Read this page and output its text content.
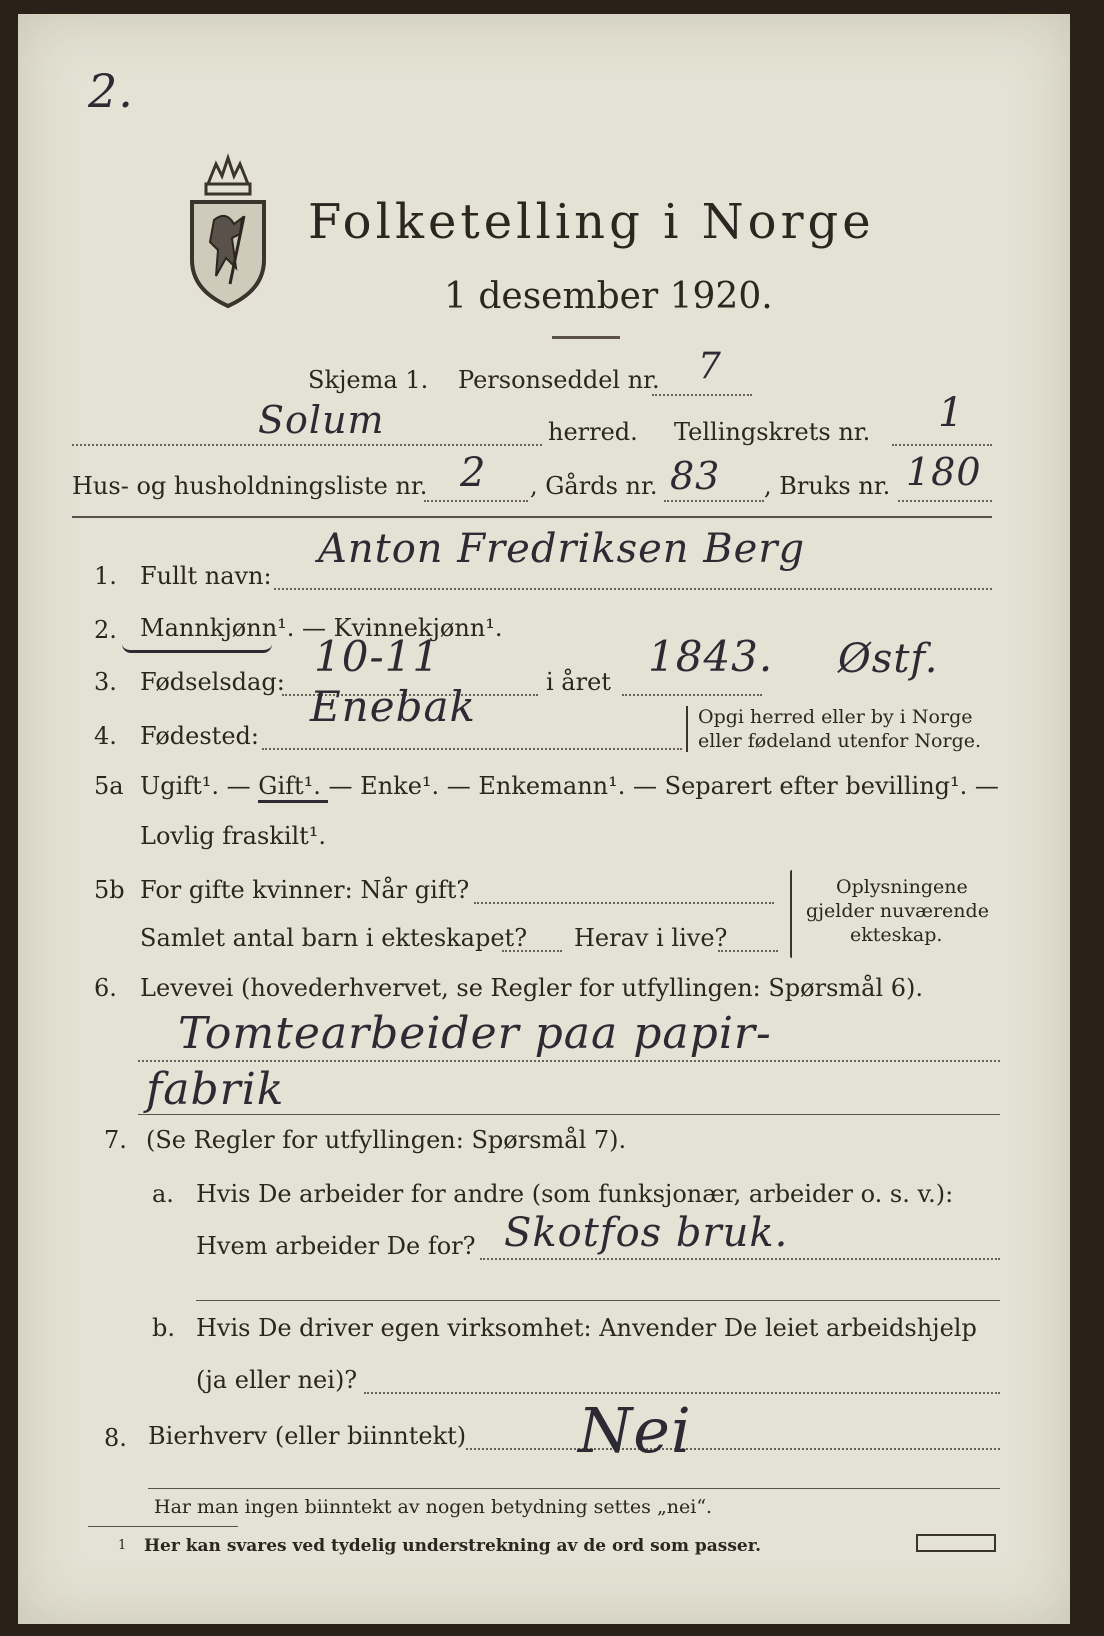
2.
Folketelling i Norge
1 desember 1920.
Skjema 1. Personseddel nr. 7
Solum	herred. Tellingskrets nr. 1
Hus- og husholdningsliste nr. 2 , Gårds nr. 83 , Bruks nr. 180
1. Fullt navn:
Anton Fredriksen Berg
2. Mannkjønn¹. — Kvinnekjønn¹.
3. Fødselsdag:
10-11
i året
1843. Østf.
4. Fødested:
Enebak	Opgi herred eller by i Norge
eller fødeland utenfor Norge.
5a Ugift¹. — Gift¹. — Enke¹. — Enkemann¹. — Separert efter bevilling¹. —
Lovlig fraskilt¹.
5b For gifte kvinner: Når gift?
Samlet antal barn i ekteskapet? Herav i live?
Oplysningene
gjelder nuværende
ekteskap.
6. Levevei (hovederhvervet, se Regler for utfyllingen: Spørsmål 6).
Tomtearbeider paa papir-
fabrik
7. (Se Regler for utfyllingen: Spørsmål 7).
a. Hvis De arbeider for andre (som funksjonær, arbeider o. s. v.):
Hvem arbeider De for? Skotfos bruk.
b. Hvis De driver egen virksomhet: Anvender De leiet arbeidshjelp
(ja eller nei)?
8. Bierhverv (eller biinntekt) Nei
Har man ingen biinntekt av nogen betydning settes „nei“.
1 Her kan svares ved tydelig understrekning av de ord som passer.
